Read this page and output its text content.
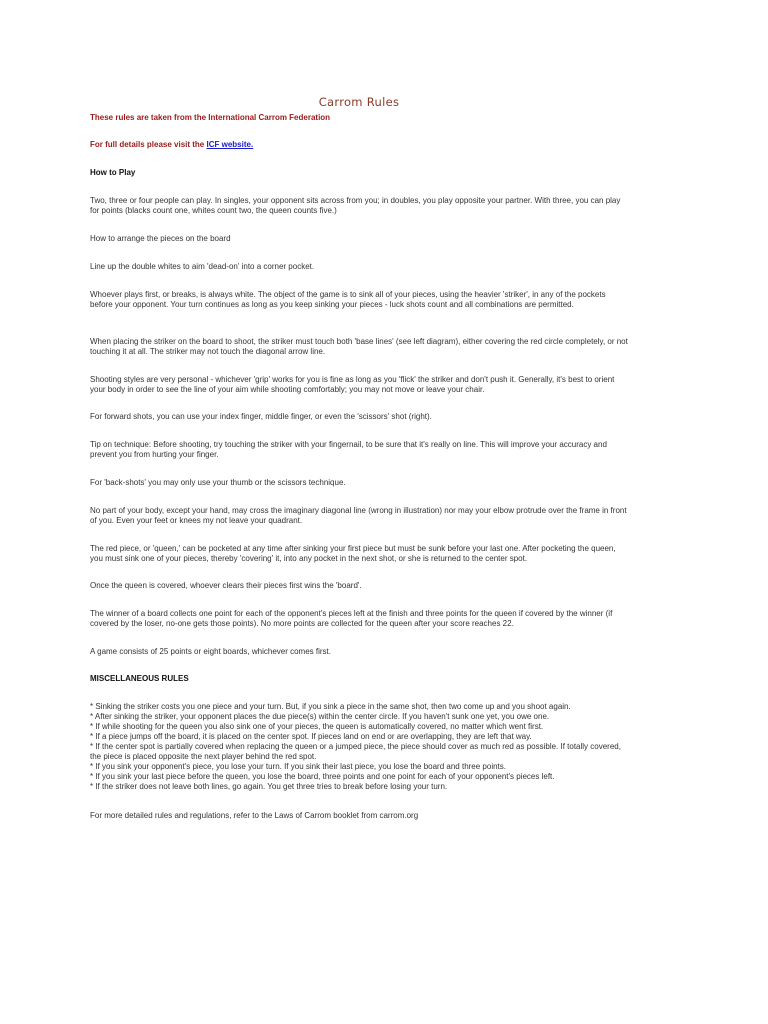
Carrom Rules
These rules are taken from the International Carrom Federation
For full details please visit the ICF website.
How to Play
Two, three or four people can play. In singles, your opponent sits across from you; in doubles, you play opposite your partner. With three, you can play for points (blacks count one, whites count two, the queen counts five.)
How to arrange the pieces on the board
Line up the double whites to aim 'dead-on' into a corner pocket.
Whoever plays first, or breaks, is always white. The object of the game is to sink all of your pieces, using the heavier 'striker', in any of the pockets before your opponent. Your turn continues as long as you keep sinking your pieces - luck shots count and all combinations are permitted.
When placing the striker on the board to shoot, the striker must touch both 'base lines' (see left diagram), either covering the red circle completely, or not touching it at all. The striker may not touch the diagonal arrow line.
Shooting styles are very personal - whichever 'grip' works for you is fine as long as you 'flick' the striker and don't push it. Generally, it's best to orient your body in order to see the line of your aim while shooting comfortably; you may not move or leave your chair.
For forward shots, you can use your index finger, middle finger, or even the 'scissors' shot (right).
Tip on technique: Before shooting, try touching the striker with your fingernail, to be sure that it's really on line. This will improve your accuracy and prevent you from hurting your finger.
For 'back-shots' you may only use your thumb or the scissors technique.
No part of your body, except your hand, may cross the imaginary diagonal line (wrong in illustration) nor may your elbow protrude over the frame in front of you. Even your feet or knees my not leave your quadrant.
The red piece, or 'queen,' can be pocketed at any time after sinking your first piece but must be sunk before your last one. After pocketing the queen, you must sink one of your pieces, thereby 'covering' it, into any pocket in the next shot, or she is returned to the center spot.
Once the queen is covered, whoever clears their pieces first wins the 'board'.
The winner of a board collects one point for each of the opponent's pieces left at the finish and three points for the queen if covered by the winner (if covered by the loser, no-one gets those points). No more points are collected for the queen after your score reaches 22.
A game consists of 25 points or eight boards, whichever comes first.
MISCELLANEOUS RULES
* Sinking the striker costs you one piece and your turn. But, if you sink a piece in the same shot, then two come up and you shoot again.
* After sinking the striker, your opponent places the due piece(s) within the center circle. If you haven't sunk one yet, you owe one.
* If while shooting for the queen you also sink one of your pieces, the queen is automatically covered, no matter which went first.
* If a piece jumps off the board, it is placed on the center spot. If pieces land on end or are overlapping, they are left that way.
* If the center spot is partially covered when replacing the queen or a jumped piece, the piece should cover as much red as possible. If totally covered, the piece is placed opposite the next player behind the red spot.
* If you sink your opponent's piece, you lose your turn. If you sink their last piece, you lose the board and three points.
* If you sink your last piece before the queen, you lose the board, three points and one point for each of your opponent's pieces left.
* If the striker does not leave both lines, go again. You get three tries to break before losing your turn.
For more detailed rules and regulations, refer to the Laws of Carrom booklet from carrom.org
